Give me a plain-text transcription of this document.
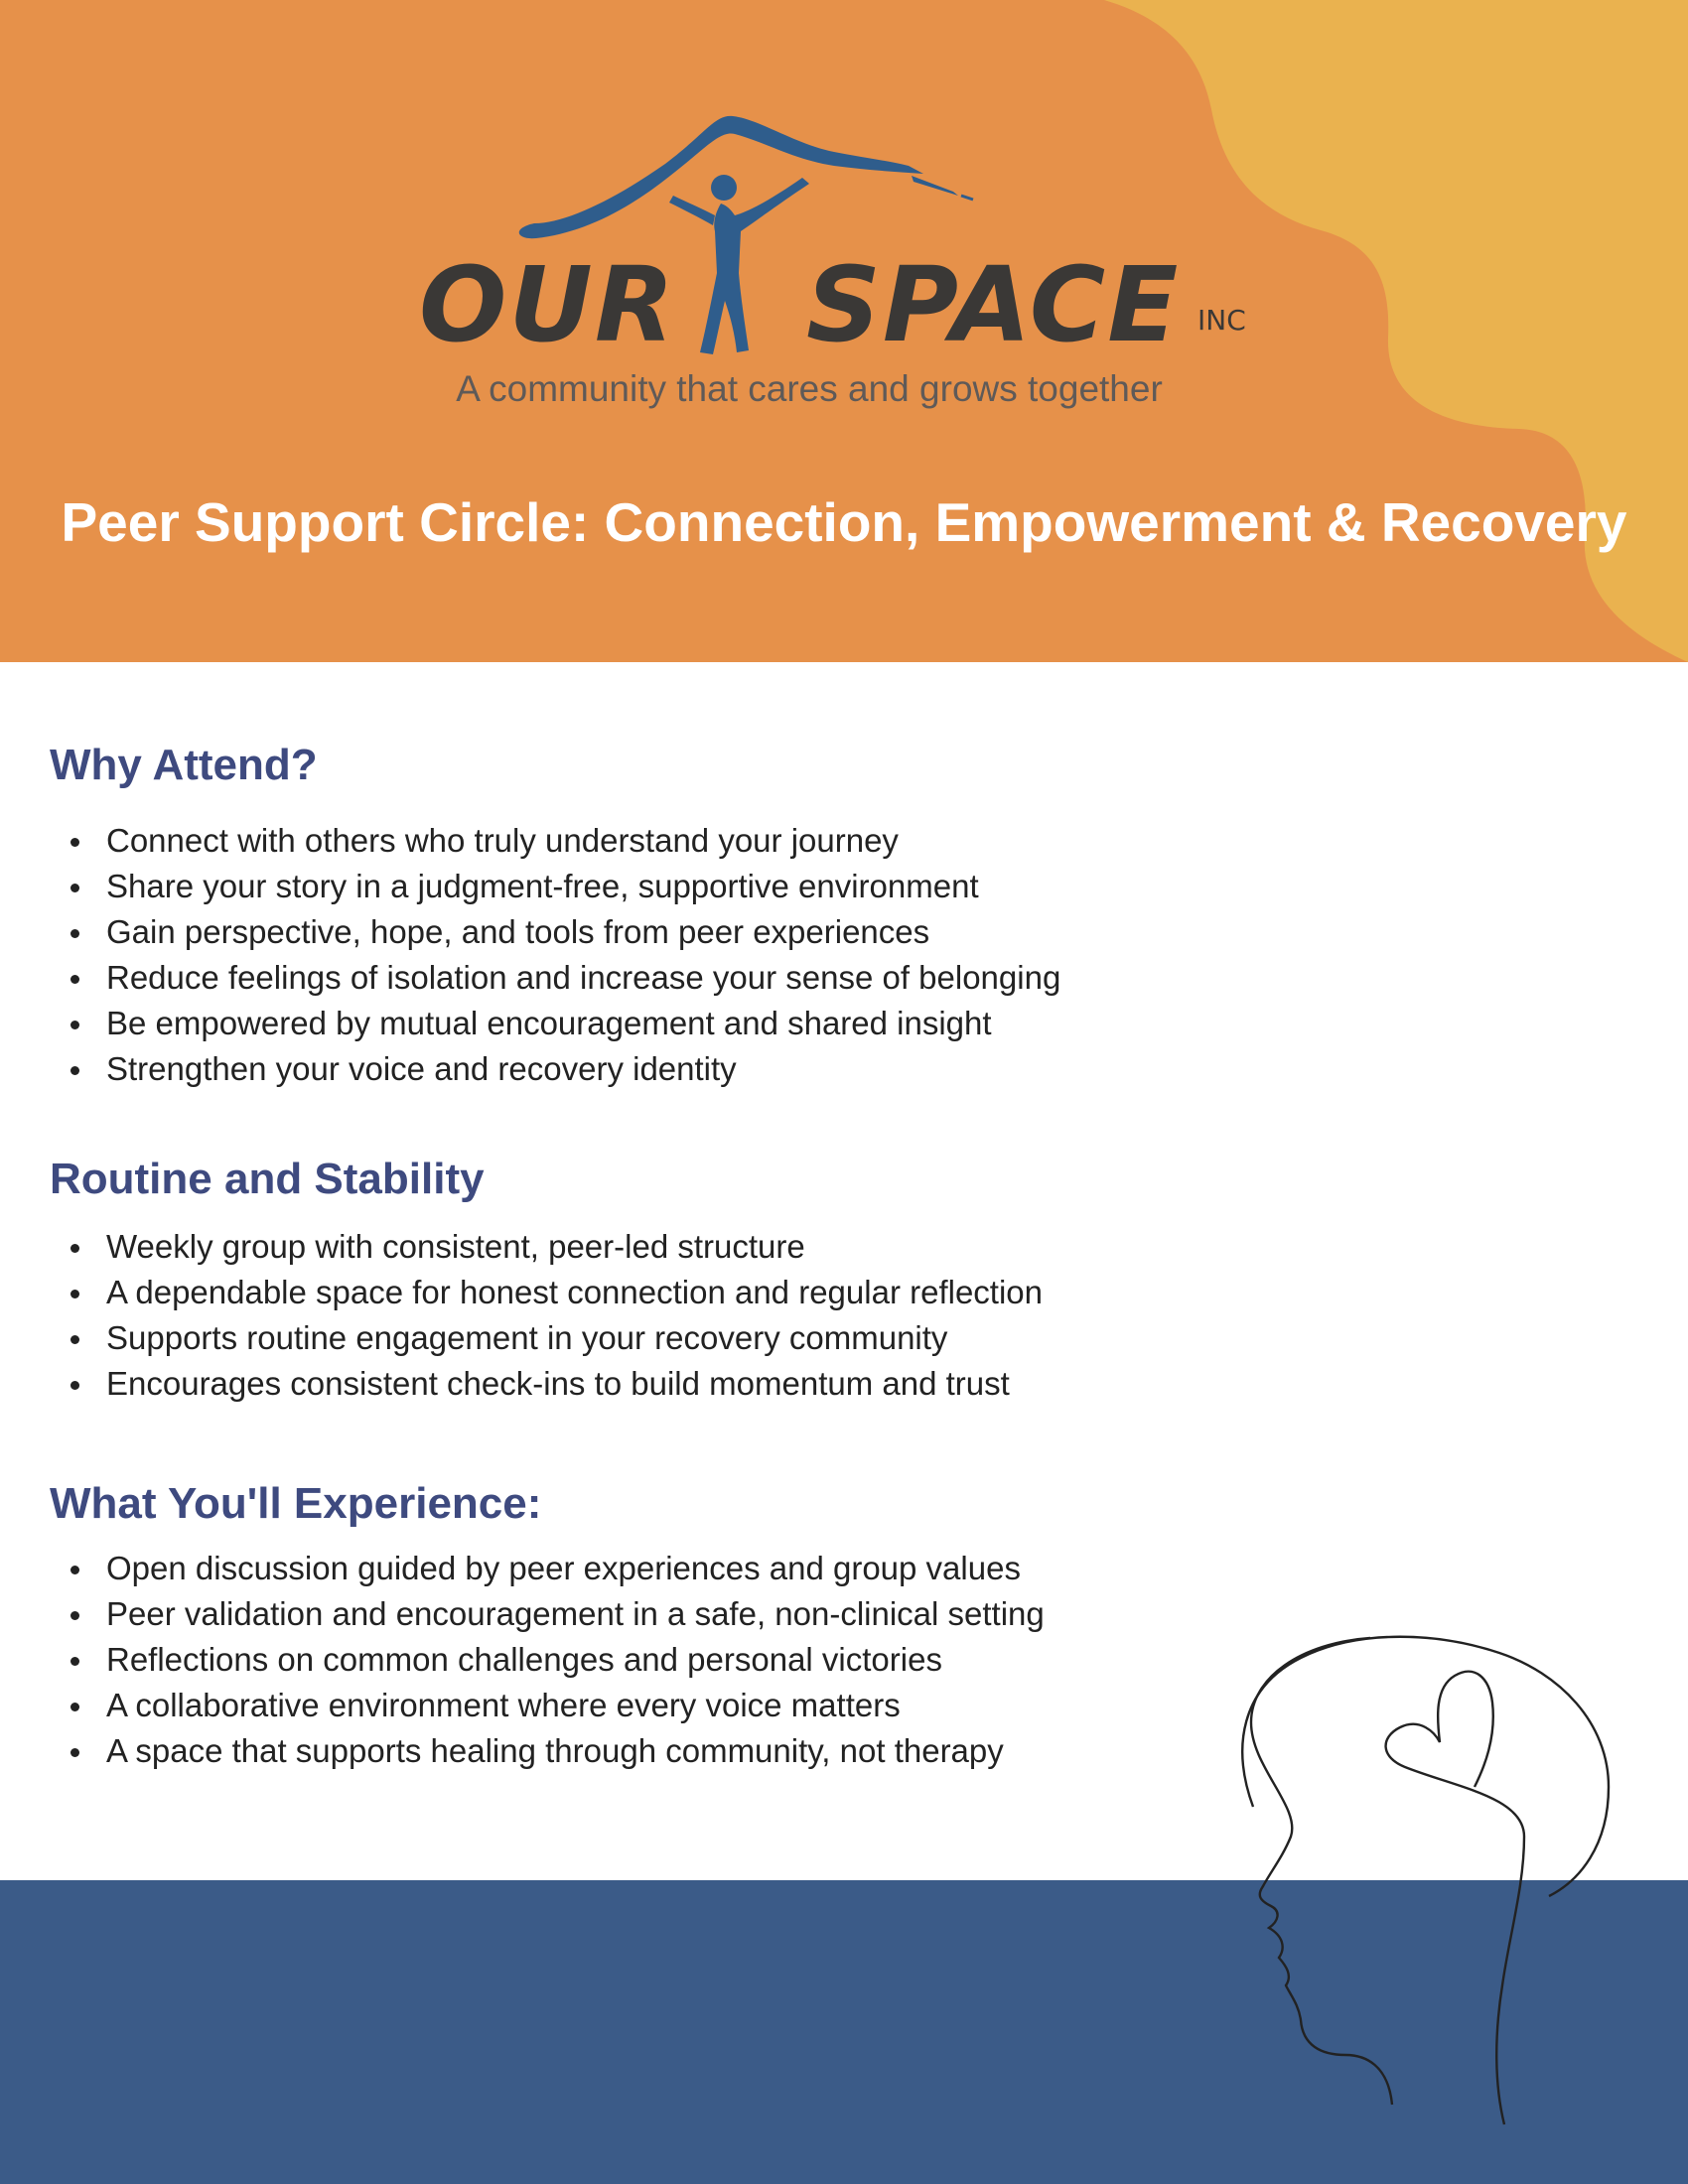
OUR SPACE INC
A community that cares and grows together
Peer Support Circle: Connection, Empowerment & Recovery
Why Attend?
Connect with others who truly understand your journey
Share your story in a judgment-free, supportive environment
Gain perspective, hope, and tools from peer experiences
Reduce feelings of isolation and increase your sense of belonging
Be empowered by mutual encouragement and shared insight
Strengthen your voice and recovery identity
Routine and Stability
Weekly group with consistent, peer-led structure
A dependable space for honest connection and regular reflection
Supports routine engagement in your recovery community
Encourages consistent check-ins to build momentum and trust
What You'll Experience:
Open discussion guided by peer experiences and group values
Peer validation and encouragement in a safe, non-clinical setting
Reflections on common challenges and personal victories
A collaborative environment where every voice matters
A space that supports healing through community, not therapy
